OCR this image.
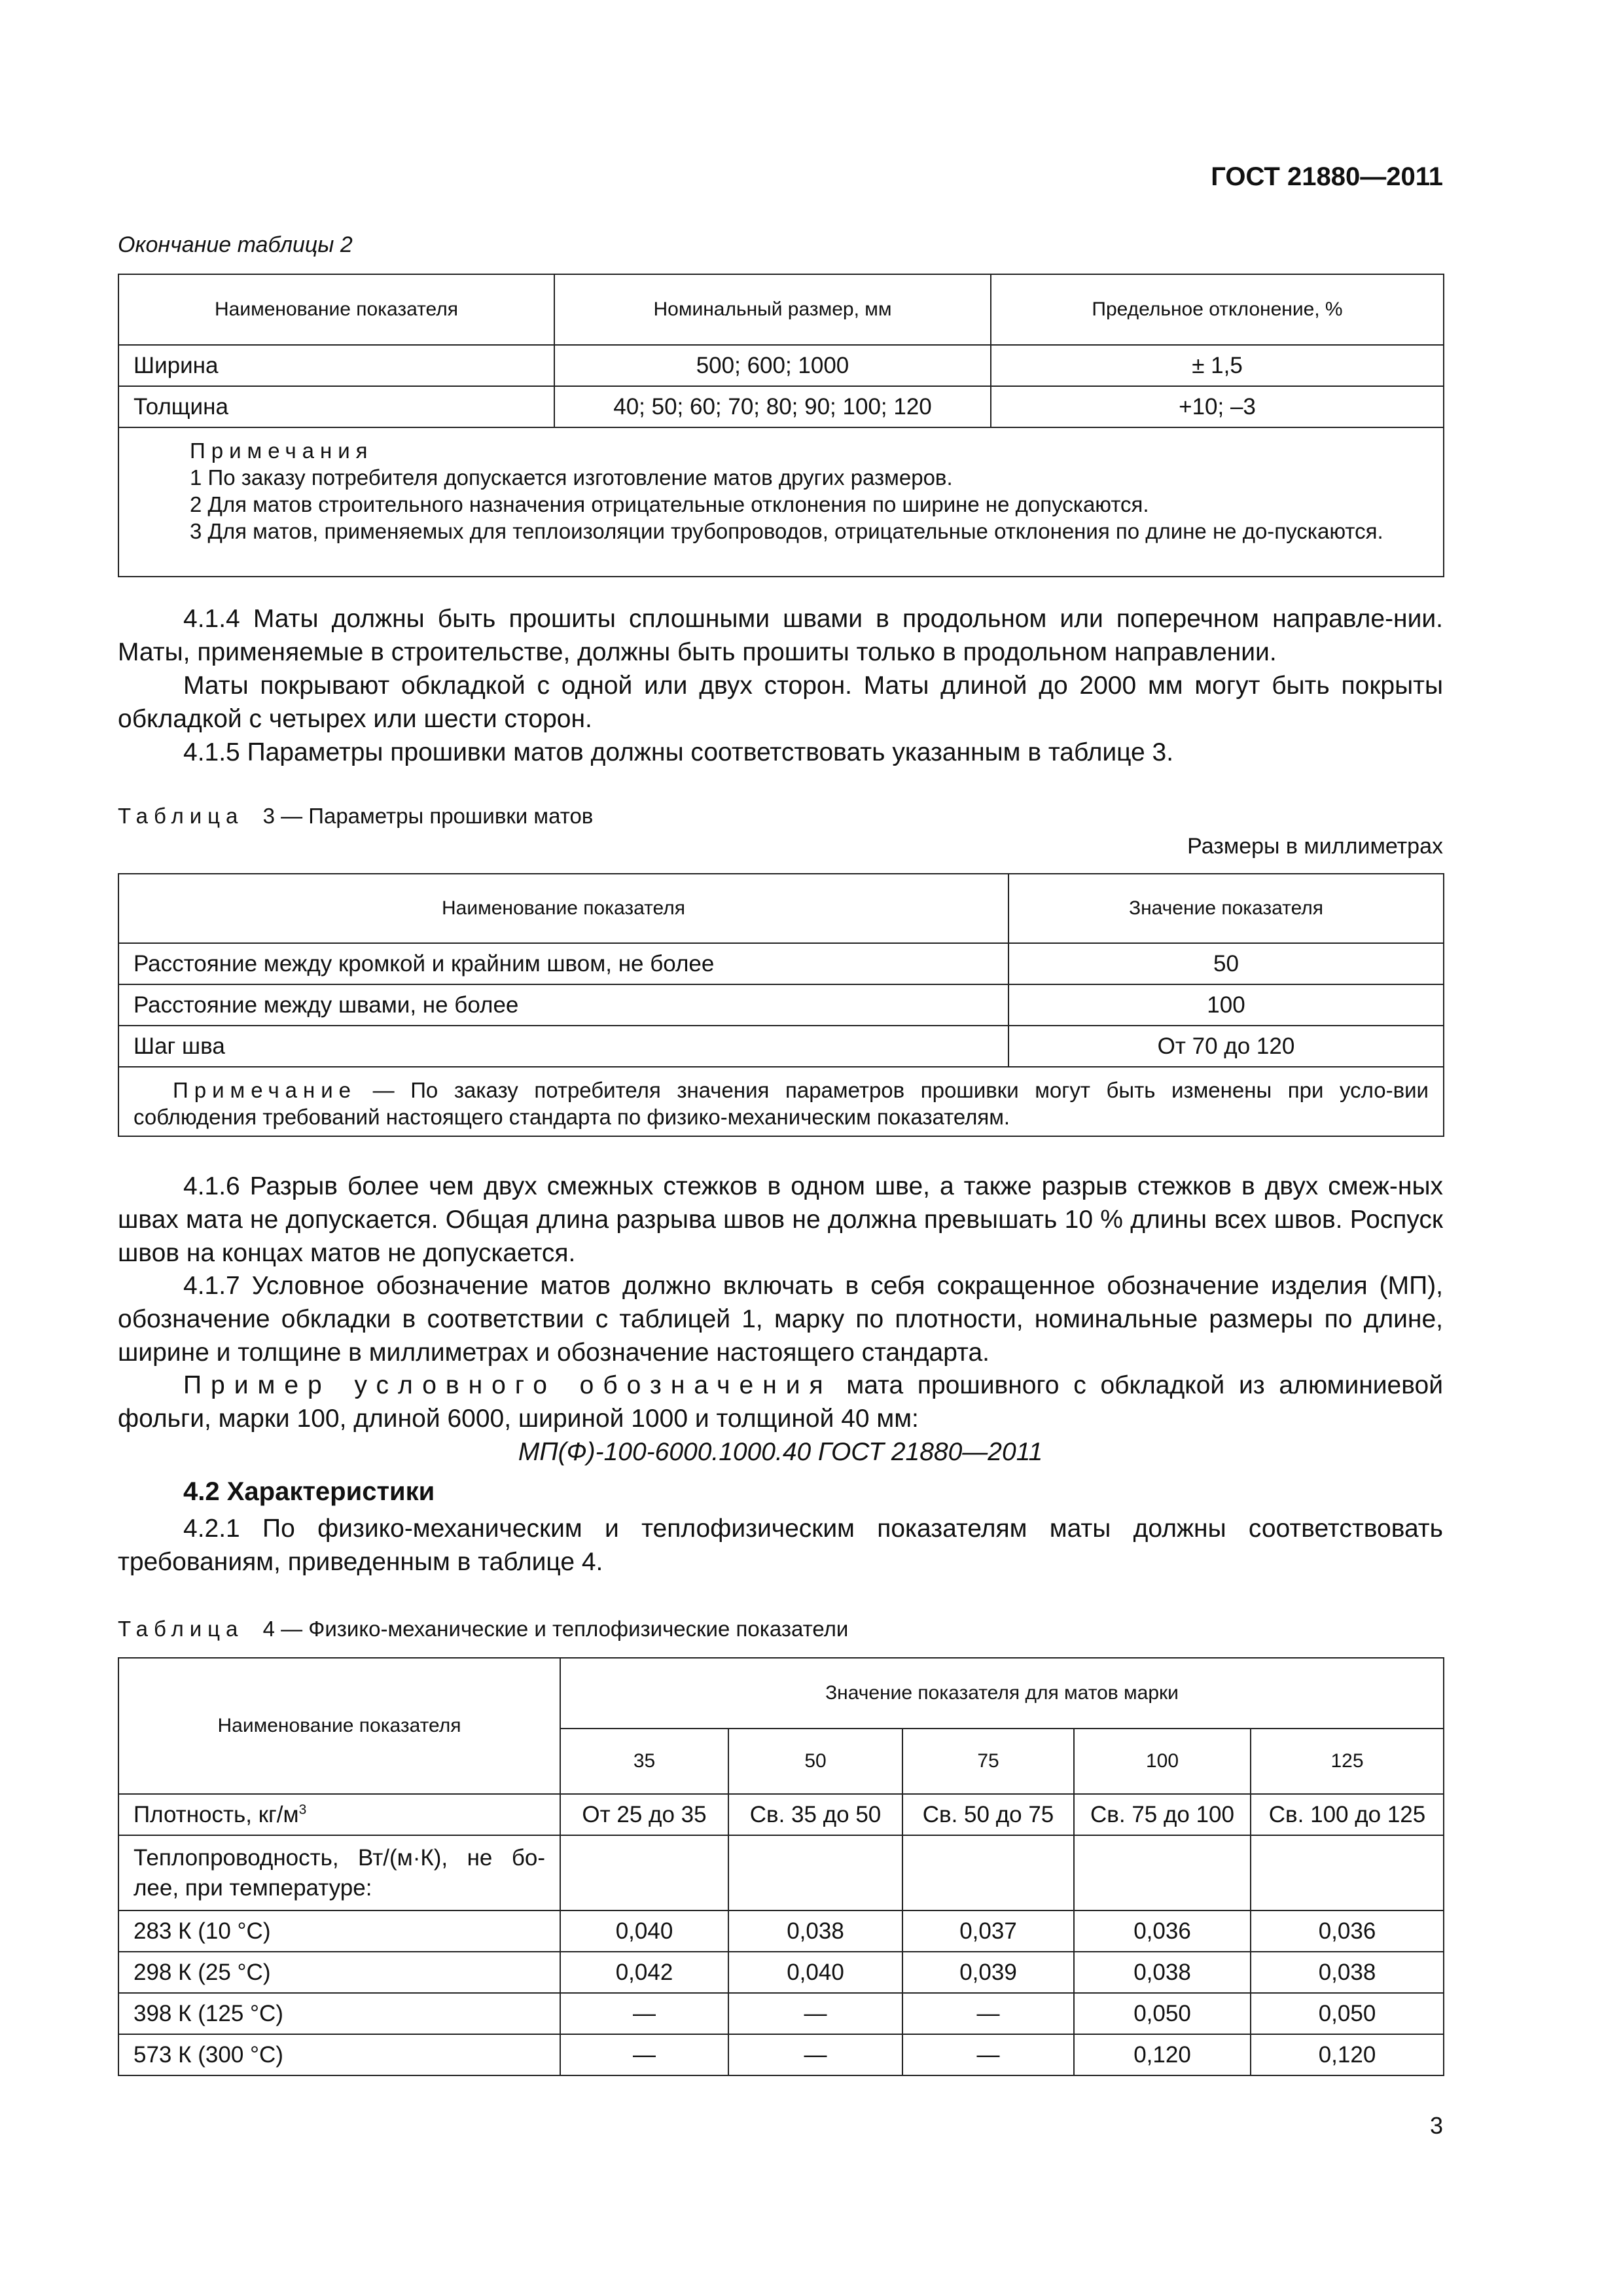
ГОСТ 21880—2011
Окончание таблицы 2
Наименование показателя	Номинальный размер, мм	Предельное отклонение, %
Ширина	500; 600; 1000	± 1,5
Толщина	40; 50; 60; 70; 80; 90; 100; 120	+10; –3

Примечания
1 По заказу потребителя допускается изготовление матов других размеров.
2 Для матов строительного назначения отрицательные отклонения по ширине не допускаются.
3 Для матов, применяемых для теплоизоляции трубопроводов, отрицательные отклонения по длине не до-пускаются.		
4.1.4 Маты должны быть прошиты сплошными швами в продольном или поперечном направле-нии. Маты, применяемые в строительстве, должны быть прошиты только в продольном направлении.
Маты покрывают обкладкой с одной или двух сторон. Маты длиной до 2000 мм могут быть покрыты обкладкой с четырех или шести сторон.
4.1.5 Параметры прошивки матов должны соответствовать указанным в таблице 3.
Таблица 3 — Параметры прошивки матов
Размеры в миллиметрах
Наименование показателя	Значение показателя
Расстояние между кромкой и крайним швом, не более	50
Расстояние между швами, не более	100
Шаг шва	От 70 до 120
Примечание — По заказу потребителя значения параметров прошивки могут быть изменены при усло-вии соблюдения требований настоящего стандарта по физико-механическим показателям.	
4.1.6 Разрыв более чем двух смежных стежков в одном шве, а также разрыв стежков в двух смеж-ных швах мата не допускается. Общая длина разрыва швов не должна превышать 10 % длины всех швов. Роспуск швов на концах матов не допускается.
4.1.7 Условное обозначение матов должно включать в себя сокращенное обозначение изделия (МП), обозначение обкладки в соответствии с таблицей 1, марку по плотности, номинальные размеры по длине, ширине и толщине в миллиметрах и обозначение настоящего стандарта.
Пример условного обозначения мата прошивного с обкладкой из алюминиевой фольги, марки 100, длиной 6000, шириной 1000 и толщиной 40 мм:
МП(Ф)-100-6000.1000.40 ГОСТ 21880—2011
4.2 Характеристики
4.2.1 По физико-механическим и теплофизическим показателям маты должны соответствовать требованиям, приведенным в таблице 4.
Таблица 4 — Физико-механические и теплофизические показатели
Наименование показателя	Значение показателя для матов марки				
	35	50	75	100	125
Плотность, $кг/м^3$	От 25 до 35	Св. 35 до 50	Св. 50 до 75	Св. 75 до 100	Св. 100 до 125
Теплопроводность, Вт/(м·К), не бо-лее, при температуре:					
283 К (10 °С)	0,040	0,038	0,037	0,036	0,036
298 К (25 °С)	0,042	0,040	0,039	0,038	0,038
398 К (125 °С)	—	—	—	0,050	0,050
573 К (300 °С)	—	—	—	0,120	0,120
3
